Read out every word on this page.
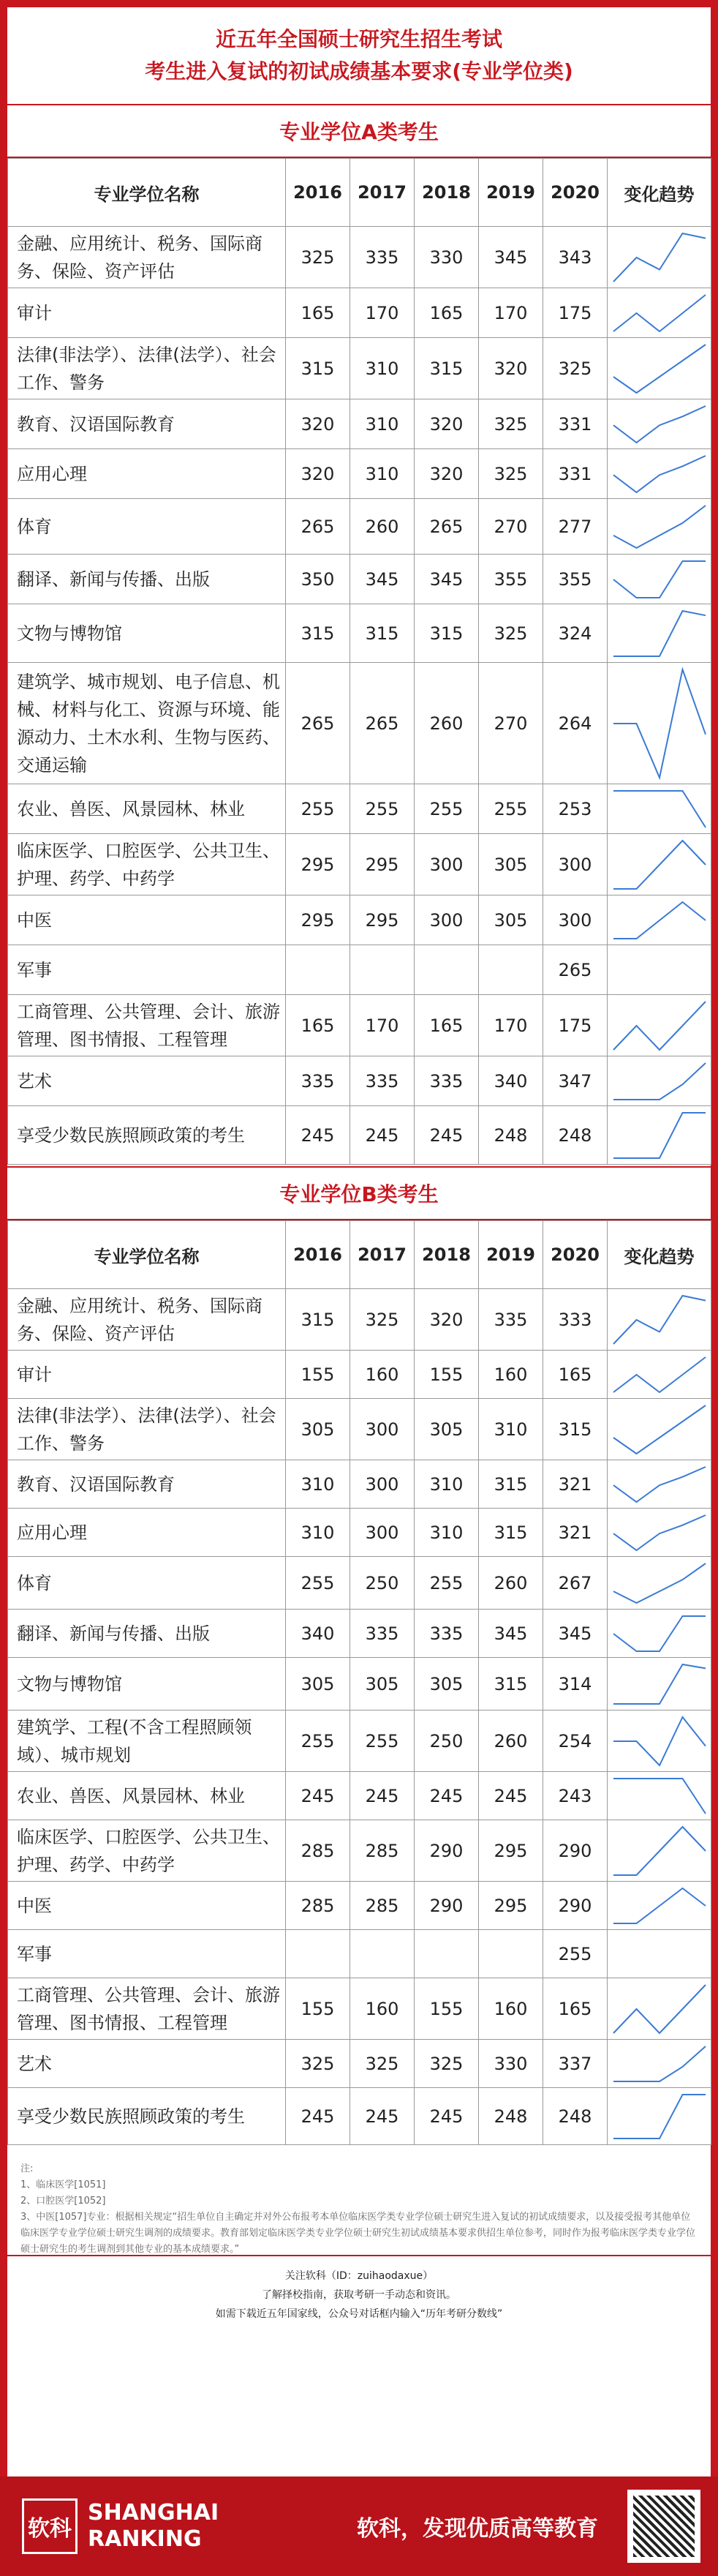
近五年全国硕士研究生招生考试
考生进入复试的初试成绩基本要求(专业学位类)
专业学位A类考生
专业学位名称	2016	2017	2018	2019	2020	变化趋势
金融、应用统计、税务、国际商务、保险、资产评估	325	335	330	345	343	

审计	165	170	165	170	175	

法律(非法学）、法律(法学）、社会工作、警务	315	310	315	320	325	

教育、汉语国际教育	320	310	320	325	331	

应用心理	320	310	320	325	331	

体育	265	260	265	270	277	

翻译、新闻与传播、出版	350	345	345	355	355	

文物与博物馆	315	315	315	325	324	

建筑学、城市规划、电子信息、机械、材料与化工、资源与环境、能源动力、土木水利、生物与医药、交通运输	265	265	260	270	264	

农业、兽医、风景园林、林业	255	255	255	255	253	

临床医学、口腔医学、公共卫生、护理、药学、中药学	295	295	300	305	300	

中医	295	295	300	305	300	

军事					265	
工商管理、公共管理、会计、旅游管理、图书情报、工程管理	165	170	165	170	175	

艺术	335	335	335	340	347	

享受少数民族照顾政策的考生	245	245	245	248	248	
专业学位B类考生
专业学位名称	2016	2017	2018	2019	2020	变化趋势
金融、应用统计、税务、国际商务、保险、资产评估	315	325	320	335	333	

审计	155	160	155	160	165	

法律(非法学）、法律(法学）、社会工作、警务	305	300	305	310	315	

教育、汉语国际教育	310	300	310	315	321	

应用心理	310	300	310	315	321	

体育	255	250	255	260	267	

翻译、新闻与传播、出版	340	335	335	345	345	

文物与博物馆	305	305	305	315	314	

建筑学、工程(不含工程照顾领域）、城市规划	255	255	250	260	254	

农业、兽医、风景园林、林业	245	245	245	245	243	

临床医学、口腔医学、公共卫生、护理、药学、中药学	285	285	290	295	290	

中医	285	285	290	295	290	

军事					255	
工商管理、公共管理、会计、旅游管理、图书情报、工程管理	155	160	155	160	165	

艺术	325	325	325	330	337	

享受少数民族照顾政策的考生	245	245	245	248	248	
注:
1、临床医学[1051]
2、口腔医学[1052]
3、中医[1057]专业：根据相关规定“招生单位自主确定并对外公布报考本单位临床医学类专业学位硕士研究生进入复试的初试成绩要求，以及接受报考其他单位临床医学专业学位硕士研究生调剂的成绩要求。教育部划定临床医学类专业学位硕士研究生初试成绩基本要求供招生单位参考，同时作为报考临床医学类专业学位硕士研究生的考生调剂到其他专业的基本成绩要求。”
关注软科（ID：zuihaodaxue）
了解择校指南，获取考研一手动态和资讯。
如需下载近五年国家线，公众号对话框内输入“历年考研分数线”
软科
SHANGHAI
RANKING	软科，发现优质高等教育
